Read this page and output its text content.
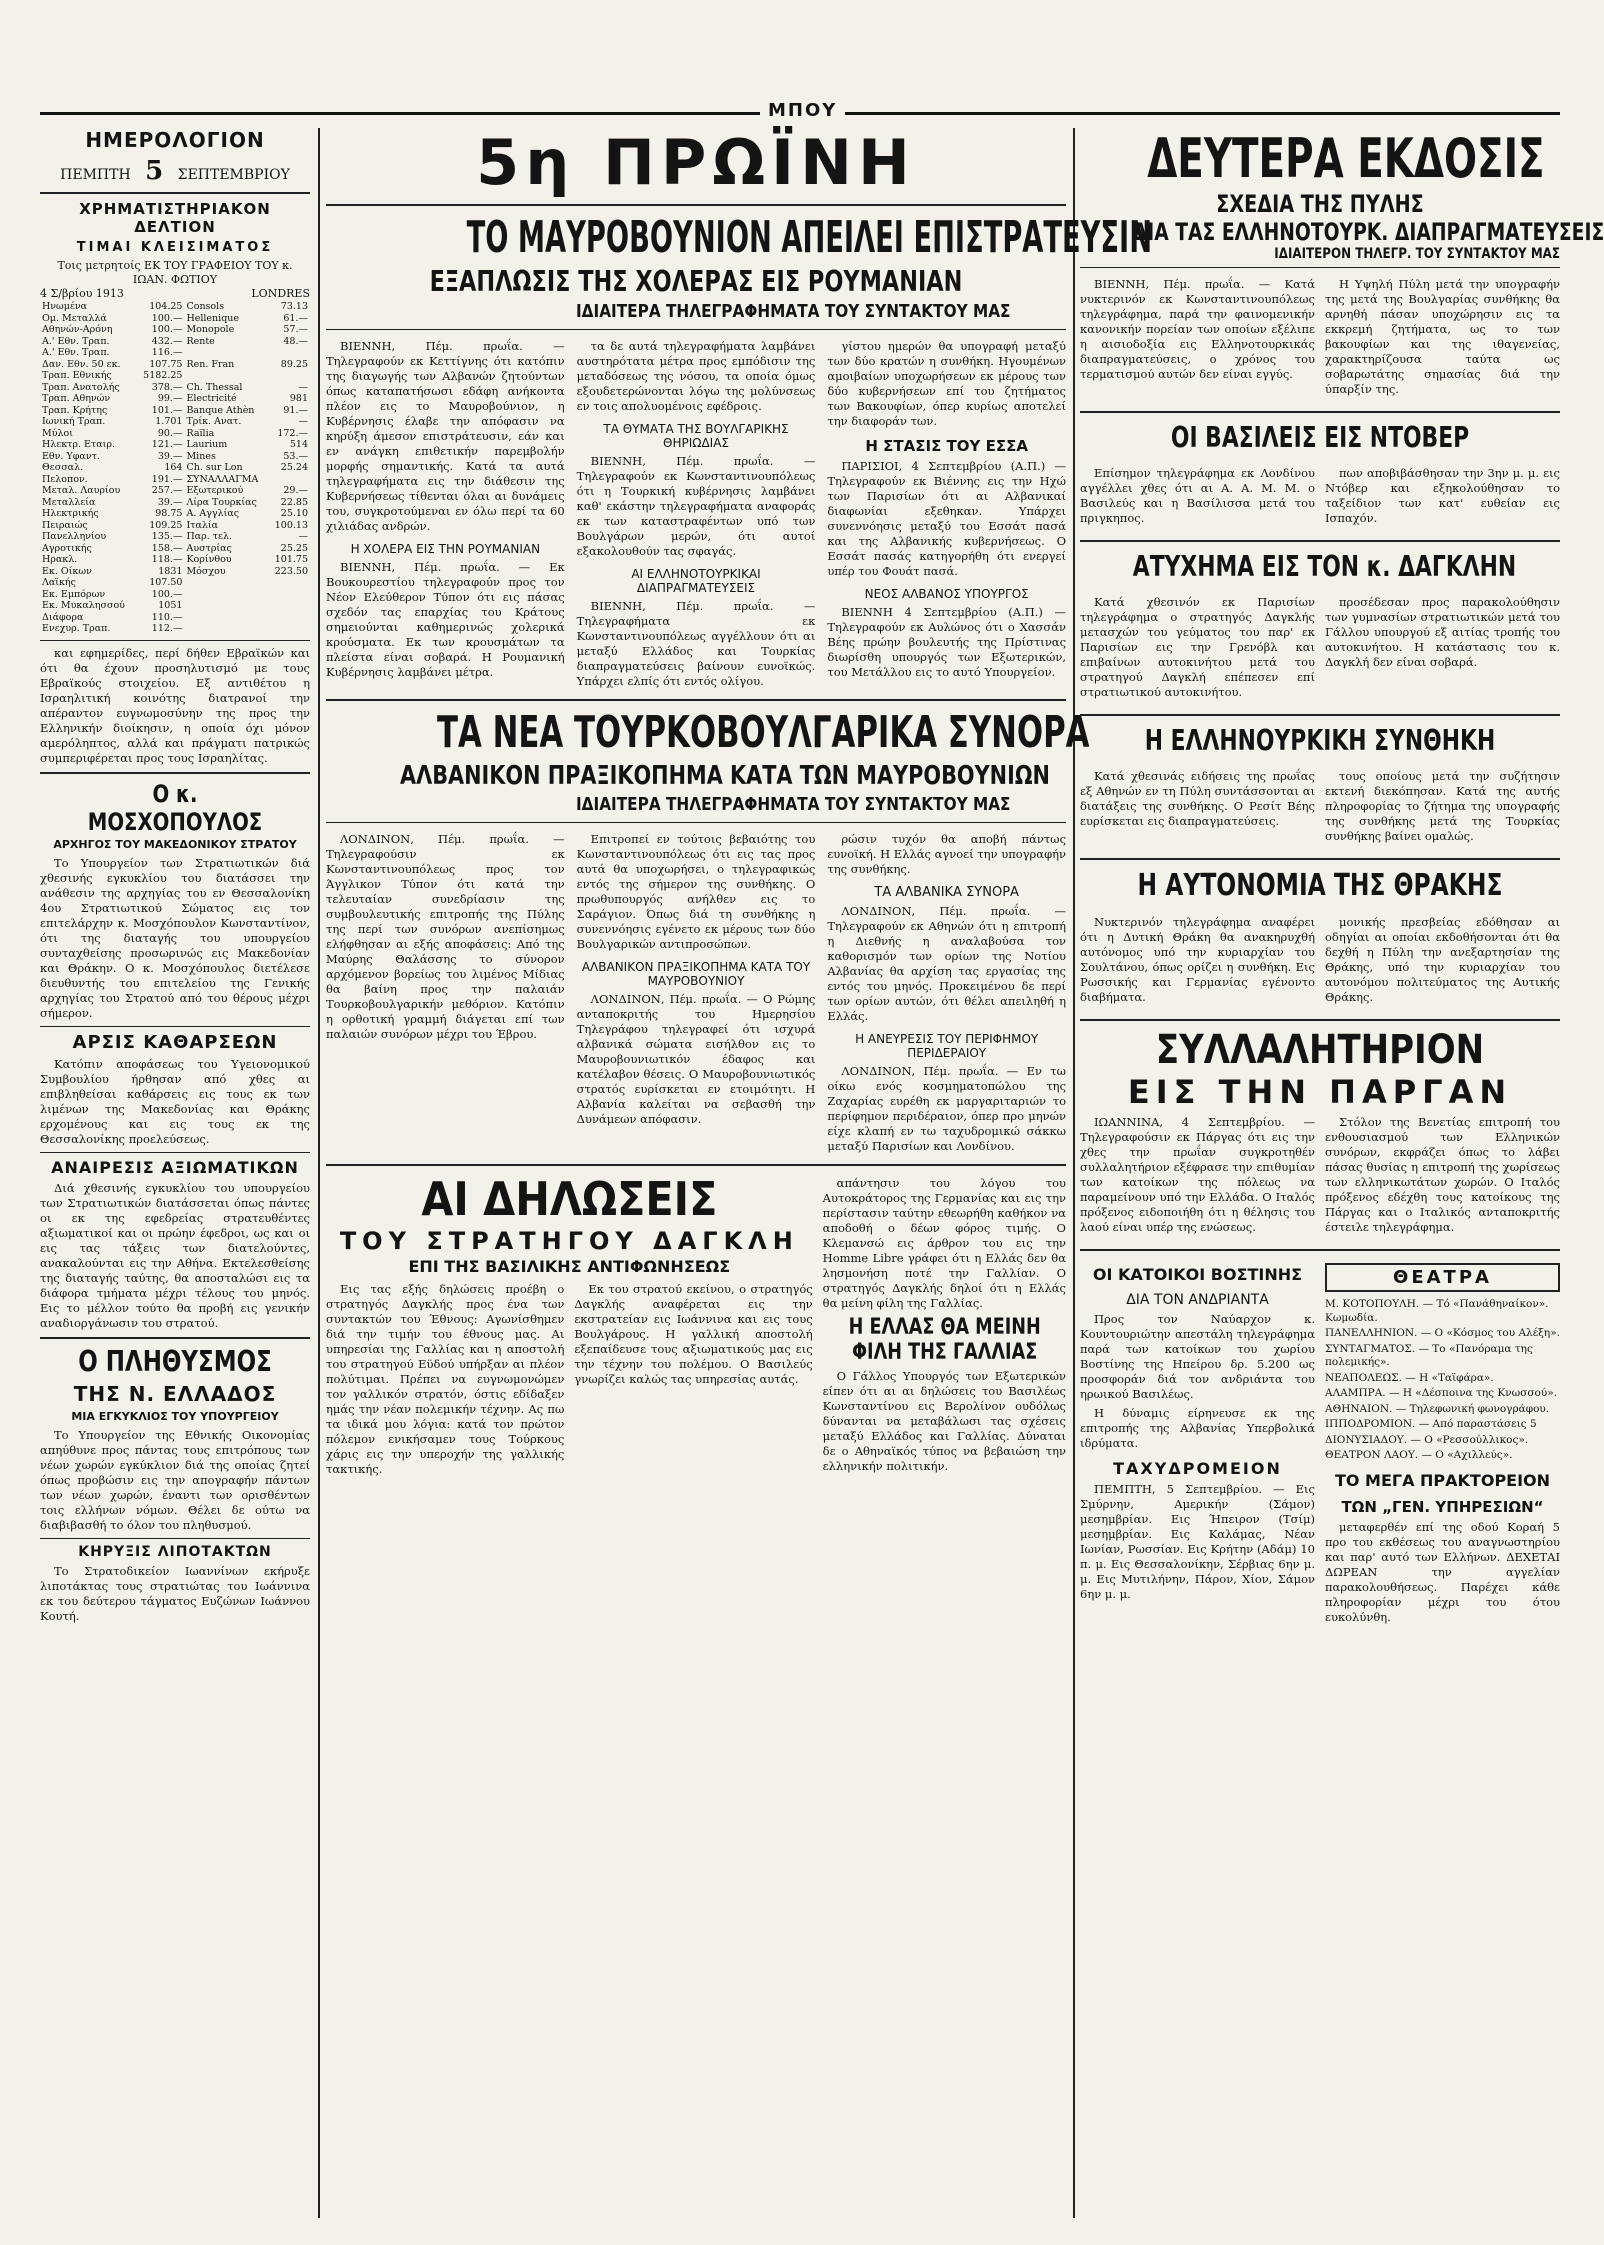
ΜΠΟΥ
ΗΜΕΡΟΛΟΓΙΟΝ
ΠΕΜΠΤΗ 5 ΣΕΠΤΕΜΒΡΙΟΥ
ΧΡΗΜΑΤΙΣΤΗΡΙΑΚΟΝ ΔΕΛΤΙΟΝ
ΤΙΜΑΙ ΚΛΕΙΣΙΜΑΤΟΣ
Τοις μετρητοίς ΕΚ ΤΟΥ ΓΡΑΦΕΙΟΥ ΤΟΥ κ. ΙΩΑΝ. ΦΩΤΙΟΥ
4 Σ/βρίου 1913	LONDRES
Ηνωμένα	104.25	Consols	73.13
Ομ. Μεταλλά	100.—	Hellenique	61.—
Αθηνών-Αρόνη	100.—	Monopole	57.—
Α.' Εθν. Τραπ.	432.—	Rente	48.—
Α.' Εθν. Τραπ.	116.—		
Δαν. Εθν. 50 εκ.	107.75	Ren. Fran	89.25
Τραπ. Εθνικής	5182.25		
Τραπ. Ανατολής	378.—	Ch. Thessal	—
Τραπ. Αθηνών	99.—	Electricité	981
Τραπ. Κρήτης	101.—	Banque Athèn	91.—
Ιωνική Τραπ.	1.701	Τρίκ. Ανατ.	—
Μύλοι	90.—	Raïlia	172.—
Ηλεκτρ. Εταιρ.	121.—	Laurium	514
Εθν. Υφαντ.	39.—	Mines	53.—
Θεσσαλ.	164	Ch. sur Lon	25.24
Πελοπον.	191.—	ΣΥΝΑΛΛΑΓΜΑ	
Μεταλ. Λαυρίου	257.—	Εξωτερικού	29.—
Μεταλλεία	39.—	Λίρα Τουρκίας	22.85
Ηλεκτρικής	98.75	Α. Αγγλίας	25.10
Πειραιώς	109.25	Ιταλία	100.13
Πανελληνίου	135.—	Παρ. τελ.	—
Αγροτικής	158.—	Αυστρίας	25.25
Ηρακλ.	118.—	Κορίνθου	101.75
Εκ. Οίκων	1831	Μόσχου	223.50
Λαϊκής	107.50		
Εκ. Εμπόρων	100.—		
Εκ. Μυκαλησσού	1051		
Διάφορα	110.—		
Ενεχυρ. Τραπ.	112.—		

και εφημερίδες, περί δήθεν Εβραϊκών και ότι θα έχουν προσηλυτισμό με τους Εβραϊκούς στοιχείου. Εξ αντιθέτου η Ισραηλιτική κοινότης διατρανοί την απέραντον ευγνωμοσύνην της προς την Ελληνικήν διοίκησιν, η οποία όχι μόνον αμερόληπτος, αλλά και πράγματι πατρικώς συμπεριφέρεται προς τους Ισραηλίτας.

Ο κ. ΜΟΣΧΟΠΟΥΛΟΣ
ΑΡΧΗΓΟΣ ΤΟΥ ΜΑΚΕΔΟΝΙΚΟΥ ΣΤΡΑΤΟΥ

Το Υπουργείον των Στρατιωτικών διά χθεσινής εγκυκλίου του διατάσσει την ανάθεσιν της αρχηγίας του εν Θεσσαλονίκη 4ου Στρατιωτικού Σώματος εις τον επιτελάρχην κ. Μοσχόπουλον Κωνσταντίνον, ότι της διαταγής του υπουργείου συνταχθείσης προσωρινώς εις Μακεδονίαν και Θράκην. Ο κ. Μοσχόπουλος διετέλεσε διευθυντής του επιτελείου της Γενικής αρχηγίας του Στρατού από του θέρους μέχρι σήμερον.

ΑΡΣΙΣ ΚΑΘΑΡΣΕΩΝ

Κατόπιν αποφάσεως του Υγειονομικού Συμβουλίου ήρθησαν από χθες αι επιβληθείσαι καθάρσεις εις τους εκ των λιμένων της Μακεδονίας και Θράκης ερχομένους και εις τους εκ της Θεσσαλονίκης προελεύσεως.

ΑΝΑΙΡΕΣΙΣ ΑΞΙΩΜΑΤΙΚΩΝ

Διά χθεσινής εγκυκλίου του υπουργείου των Στρατιωτικών διατάσσεται όπως πάντες οι εκ της εφεδρείας στρατευθέντες αξιωματικοί και οι πρώην έφεδροι, ως και οι εις τας τάξεις των διατελούντες, ανακαλούνται εις την Αθήνα. Εκτελεσθείσης της διαταγής ταύτης, θα αποσταλώσι εις τα διάφορα τμήματα μέχρι τέλους του μηνός. Εις το μέλλον τούτο θα προβή εις γενικήν αναδιοργάνωσιν του στρατού.

Ο ΠΛΗΘΥΣΜΟΣ
ΤΗΣ Ν. ΕΛΛΑΔΟΣ
ΜΙΑ ΕΓΚΥΚΛΙΟΣ ΤΟΥ ΥΠΟΥΡΓΕΙΟΥ

Το Υπουργείον της Εθνικής Οικονομίας απηύθυνε προς πάντας τους επιτρόπους των νέων χωρών εγκύκλιον διά της οποίας ζητεί όπως προβώσιν εις την απογραφήν πάντων των νέων χωρών, έναντι των ορισθέντων τοις ελλήνων νόμων. Θέλει δε ούτω να διαβιβασθή το όλον του πληθυσμού.

ΚΗΡΥΞΙΣ ΛΙΠΟΤΑΚΤΩΝ

Το Στρατοδικείον Ιωαννίνων εκήρυξε λιποτάκτας τους στρατιώτας του Ιωάννινα εκ του δεύτερου τάγματος Ευζώνων Ιωάννου Κουτή.

5η ΠΡΩΪΝΗ
ΤΟ ΜΑΥΡΟΒΟΥΝΙΟΝ ΑΠΕΙΛΕΙ ΕΠΙΣΤΡΑΤΕΥΣΙΝ
ΕΞΑΠΛΩΣΙΣ ΤΗΣ ΧΟΛΕΡΑΣ ΕΙΣ ΡΟΥΜΑΝΙΑΝ
ΙΔΙΑΙΤΕΡΑ ΤΗΛΕΓΡΑΦΗΜΑΤΑ ΤΟΥ ΣΥΝΤΑΚΤΟΥ ΜΑΣ

ΒΙΕΝΝΗ, Πέμ. πρωΐα. — Τηλεγραφούν εκ Κεττίγνης ότι κατόπιν της διαγωγής των Αλβανών ζητούντων όπως καταπατήσωσι εδάφη ανήκοντα πλέον εις το Μαυροβούνιον, η Κυβέρνησις έλαβε την απόφασιν να κηρύξη άμεσον επιστράτευσιν, εάν και εν ανάγκη επιθετικήν παρεμβολήν μορφής σημαντικής. Κατά τα αυτά τηλεγραφήματα εις την διάθεσιν της Κυβερνήσεως τίθενται όλαι αι δυνάμεις του, συγκροτούμεναι εν όλω περί τα 60 χιλιάδας ανδρών.

Η ΧΟΛΕΡΑ ΕΙΣ ΤΗΝ ΡΟΥΜΑΝΙΑΝ

ΒΙΕΝΝΗ, Πέμ. πρωΐα. — Εκ Βουκουρεστίου τηλεγραφούν προς τον Νέον Ελεύθερον Τύπον ότι εις πάσας σχεδόν τας επαρχίας του Κράτους σημειούνται καθημερινώς χολερικά κρούσματα. Εκ των κρουσμάτων τα πλείστα είναι σοβαρά. Η Ρουμανική Κυβέρνησις λαμβάνει μέτρα.

τα δε αυτά τηλεγραφήματα λαμβάνει αυστηρότατα μέτρα προς εμπόδισιν της μεταδόσεως της νόσου, τα οποία όμως εξουδετερώνονται λόγω της μολύνσεως εν τοις απολυομένοις εφέδροις.

ΤΑ ΘΥΜΑΤΑ ΤΗΣ ΒΟΥΛΓΑΡΙΚΗΣ ΘΗΡΙΩΔΙΑΣ

ΒΙΕΝΝΗ, Πέμ. πρωΐα. — Τηλεγραφούν εκ Κωνσταντινουπόλεως ότι η Τουρκική κυβέρνησις λαμβάνει καθ' εκάστην τηλεγραφήματα αναφοράς εκ των καταστραφέντων υπό των Βουλγάρων μερών, ότι αυτοί εξακολουθούν τας σφαγάς.

ΑΙ ΕΛΛΗΝΟΤΟΥΡΚΙΚΑΙ ΔΙΑΠΡΑΓΜΑΤΕΥΣΕΙΣ

ΒΙΕΝΝΗ, Πέμ. πρωΐα. — Τηλεγραφήματα εκ Κωνσταντινουπόλεως αγγέλλουν ότι αι μεταξύ Ελλάδος και Τουρκίας διαπραγματεύσεις βαίνουν ευνοϊκώς. Υπάρχει ελπίς ότι εντός ολίγου.

γίστου ημερών θα υπογραφή μεταξύ των δύο κρατών η συνθήκη. Ηγουμένων αμοιβαίων υποχωρήσεων εκ μέρους των δύο κυβερνήσεων επί του ζητήματος των Βακουφίων, όπερ κυρίως αποτελεί την διαφοράν των.

Η ΣΤΑΣΙΣ ΤΟΥ ΕΣΣΑ

ΠΑΡΙΣΙΟΙ, 4 Σεπτεμβρίου (Α.Π.) — Τηλεγραφούν εκ Βιέννης εις την Ηχώ των Παρισίων ότι αι Αλβανικαί διαφωνίαι εξεθηκαν. Υπάρχει συνεννόησις μεταξύ του Εσσάτ πασά και της Αλβανικής κυβερνήσεως. Ο Εσσάτ πασάς κατηγορήθη ότι ενεργεί υπέρ του Φουάτ πασά.

ΝΕΟΣ ΑΛΒΑΝΟΣ ΥΠΟΥΡΓΟΣ

ΒΙΕΝΝΗ 4 Σεπτεμβρίου (Α.Π.) — Τηλεγραφούν εκ Αυλώνος ότι ο Χασσάν Βέης πρώην βουλευτής της Πρίστινας διωρίσθη υπουργός των Εξωτερικών, του Μετάλλου εις το αυτό Υπουργείον.

ΤΑ ΝΕΑ ΤΟΥΡΚΟΒΟΥΛΓΑΡΙΚΑ ΣΥΝΟΡΑ
ΑΛΒΑΝΙΚΟΝ ΠΡΑΞΙΚΟΠΗΜΑ ΚΑΤΑ ΤΩΝ ΜΑΥΡΟΒΟΥΝΙΩΝ
ΙΔΙΑΙΤΕΡΑ ΤΗΛΕΓΡΑΦΗΜΑΤΑ ΤΟΥ ΣΥΝΤΑΚΤΟΥ ΜΑΣ

ΛΟΝΔΙΝΟΝ, Πέμ. πρωΐα. — Τηλεγραφούσιν εκ Κωνσταντινουπόλεως προς τον Άγγλικον Τύπον ότι κατά την τελευταίαν συνεδρίασιν της συμβουλευτικής επιτροπής της Πύλης της περί των συνόρων ανεπίσημως ελήφθησαν αι εξής αποφάσεις: Από της Μαύρης Θαλάσσης το σύνορον αρχόμενον βορείως του λιμένος Μίδιας θα βαίνη προς την παλαιάν Τουρκοβουλγαρικήν μεθόριον. Κατόπιν η ορθοτική γραμμή διάγεται επί των παλαιών συνόρων μέχρι του Έβρου.

Επιτροπεί εν τούτοις βεβαιότης του Κωνσταντινουπόλεως ότι εις τας προς αυτά θα υποχωρήσει, ο τηλεγραφικώς εντός της σήμερον της συνθήκης. Ο πρωθυπουργός ανήλθεν εις το Σαράγιον. Όπως διά τη συνθήκης η συνεννόησις εγένετο εκ μέρους των δύο Βουλγαρικών αντιπροσώπων.

ΑΛΒΑΝΙΚΟΝ ΠΡΑΞΙΚΟΠΗΜΑ ΚΑΤΑ ΤΟΥ ΜΑΥΡΟΒΟΥΝΙΟΥ

ΛΟΝΔΙΝΟΝ, Πέμ. πρωΐα. — Ο Ρώμης ανταποκριτής του Ημερησίου Τηλεγράφου τηλεγραφεί ότι ισχυρά αλβανικά σώματα εισήλθον εις το Μαυροβουνιωτικόν έδαφος και κατέλαβον θέσεις. Ο Μαυροβουνιωτικός στρατός ευρίσκεται εν ετοιμότητι. Η Αλβανία καλείται να σεβασθή την Δυνάμεων απόφασιν.

ρώσιν τυχόν θα αποβή πάντως ευνοϊκή. Η Ελλάς αγνοεί την υπογραφήν της συνθήκης.

ΤΑ ΑΛΒΑΝΙΚΑ ΣΥΝΟΡΑ

ΛΟΝΔΙΝΟΝ, Πέμ. πρωΐα. — Τηλεγραφούν εκ Αθηνών ότι η επιτροπή η Διεθνής η αναλαβούσα τον καθορισμόν των ορίων της Νοτίου Αλβανίας θα αρχίση τας εργασίας της εντός του μηνός. Προκειμένου δε περί των ορίων αυτών, ότι θέλει απειληθή η Ελλάς.

Η ΑΝΕΥΡΕΣΙΣ ΤΟΥ ΠΕΡΙΦΗΜΟΥ ΠΕΡΙΔΕΡΑΙΟΥ

ΛΟΝΔΙΝΟΝ, Πέμ. πρωΐα. — Εν τω οίκω ενός κοσμηματοπώλου της Ζαχαρίας ευρέθη εκ μαργαριταριών το περίφημον περιδέραιον, όπερ προ μηνών είχε κλαπή εν τω ταχυδρομικώ σάκκω μεταξύ Παρισίων και Λονδίνου.

ΑΙ ΔΗΛΩΣΕΙΣ
ΤΟΥ ΣΤΡΑΤΗΓΟΥ ΔΑΓΚΛΗ
ΕΠΙ ΤΗΣ ΒΑΣΙΛΙΚΗΣ ΑΝΤΙΦΩΝΗΣΕΩΣ

Εις τας εξής δηλώσεις προέβη ο στρατηγός Δαγκλής προς ένα των συντακτών του Έθνους: Αγωνίσθημεν διά την τιμήν του έθνους μας. Αι υπηρεσίαι της Γαλλίας και η αποστολή του στρατηγού Εϋδού υπήρξαν αι πλέον πολύτιμαι. Πρέπει να ευγνωμονώμεν τον γαλλικόν στρατόν, όστις εδίδαξεν ημάς την νέαν πολεμικήν τέχνην. Ας πω τα ιδικά μου λόγια: κατά τον πρώτον πόλεμον ενικήσαμεν τους Τούρκους χάρις εις την υπεροχήν της γαλλικής τακτικής.

Εκ του στρατού εκείνου, ο στρατηγός Δαγκλής αναφέρεται εις την εκστρατείαν εις Ιωάννινα και εις τους Βουλγάρους. Η γαλλική αποστολή εξεπαίδευσε τους αξιωματικούς μας εις την τέχνην του πολέμου. Ο Βασιλεύς γνωρίζει καλώς τας υπηρεσίας αυτάς.

απάντησιν του λόγου του Αυτοκράτορος της Γερμανίας και εις την περίστασιν ταύτην εθεωρήθη καθήκον να αποδοθή ο δέων φόρος τιμής. Ο Κλεμανσώ εις άρθρον του εις την Homme Libre γράφει ότι η Ελλάς δεν θα λησμονήση ποτέ την Γαλλίαν. Ο στρατηγός Δαγκλής δηλοί ότι η Ελλάς θα μείνη φίλη της Γαλλίας.

Η ΕΛΛΑΣ ΘΑ ΜΕΙΝΗ ΦΙΛΗ ΤΗΣ ΓΑΛΛΙΑΣ

Ο Γάλλος Υπουργός των Εξωτερικών είπεν ότι αι αι δηλώσεις του Βασιλέως Κωνσταντίνου εις Βερολίνον ουδόλως δύνανται να μεταβάλωσι τας σχέσεις μεταξύ Ελλάδος και Γαλλίας. Δύναται δε ο Αθηναϊκός τύπος να βεβαιώση την ελληνικήν πολιτικήν.

ΔΕΥΤΕΡΑ ΕΚΔΟΣΙΣ
ΣΧΕΔΙΑ ΤΗΣ ΠΥΛΗΣ
ΔΙΑ ΤΑΣ ΕΛΛΗΝΟΤΟΥΡΚ. ΔΙΑΠΡΑΓΜΑΤΕΥΣΕΙΣ
ΙΔΙΑΙΤΕΡΟΝ ΤΗΛΕΓΡ. ΤΟΥ ΣΥΝΤΑΚΤΟΥ ΜΑΣ

ΒΙΕΝΝΗ, Πέμ. πρωΐα. — Κατά νυκτερινόν εκ Κωνσταντινουπόλεως τηλεγράφημα, παρά την φαινομενικήν κανονικήν πορείαν των οποίων εξέλιπε η αισιοδοξία εις Ελληνοτουρκικάς διαπραγματεύσεις, ο χρόνος του τερματισμού αυτών δεν είναι εγγύς.

Η Υψηλή Πύλη μετά την υπογραφήν της μετά της Βουλγαρίας συνθήκης θα αρνηθή πάσαν υποχώρησιν εις τα εκκρεμή ζητήματα, ως το των βακουφίων και της ιθαγενείας, χαρακτηρίζουσα ταύτα ως σοβαρωτάτης σημασίας διά την ύπαρξίν της.

ΟΙ ΒΑΣΙΛΕΙΣ ΕΙΣ ΝΤΟΒΕΡ

Επίσημον τηλεγράφημα εκ Λονδίνου αγγέλλει χθες ότι αι Α. Α. Μ. Μ. ο Βασιλεύς και η Βασίλισσα μετά του πριγκηπος.

πων αποβιβάσθησαν την 3ην μ. μ. εις Ντόβερ και εξηκολούθησαν το ταξείδιον των κατ' ευθείαν εις Ισπαχόν.

ΑΤΥΧΗΜΑ ΕΙΣ ΤΟΝ κ. ΔΑΓΚΛΗΝ

Κατά χθεσινόν εκ Παρισίων τηλεγράφημα ο στρατηγός Δαγκλής μετασχών του γεύματος του παρ' εκ Παρισίων εις την Γρενόβλ και επιβαίνων αυτοκινήτου μετά του στρατηγού Δαγκλή επέπεσεν επί στρατιωτικού αυτοκινήτου.

προσέδεσαν προς παρακολούθησιν των γυμνασίων στρατιωτικών μετά του Γάλλου υπουργού εξ αιτίας τροπής του αυτοκινήτου. Η κατάστασις του κ. Δαγκλή δεν είναι σοβαρά.

Η ΕΛΛΗΝΟΥΡΚΙΚΗ ΣΥΝΘΗΚΗ

Κατά χθεσινάς ειδήσεις της πρωΐας εξ Αθηνών εν τη Πύλη συντάσσονται αι διατάξεις της συνθήκης. Ο Ρεσίτ Βέης ευρίσκεται εις διαπραγματεύσεις.

τους οποίους μετά την συζήτησιν εκτενή διεκόπησαν. Κατά της αυτής πληροφορίας το ζήτημα της υπογραφής της συνθήκης μετά της Τουρκίας συνθήκης βαίνει ομαλώς.

Η ΑΥΤΟΝΟΜΙΑ ΤΗΣ ΘΡΑΚΗΣ

Νυκτερινόν τηλεγράφημα αναφέρει ότι η Δυτική Θράκη θα ανακηρυχθή αυτόνομος υπό την κυριαρχίαν του Σουλτάνου, όπως ορίζει η συνθήκη. Εις Ρωσσικής και Γερμανίας εγένοντο διαβήματα.

μονικής πρεσβείας εδόθησαν αι οδηγίαι αι οποίαι εκδοθήσονται ότι θα δεχθή η Πύλη την ανεξαρτησίαν της Θράκης, υπό την κυριαρχίαν του αυτονόμου πολιτεύματος της Αυτικής Θράκης.

ΣΥΛΛΑΛΗΤΗΡΙΟΝ
ΕΙΣ ΤΗΝ ΠΑΡΓΑΝ

ΙΩΑΝΝΙΝΑ, 4 Σεπτεμβρίου. — Τηλεγραφούσιν εκ Πάργας ότι εις την χθες την πρωΐαν συγκροτηθέν συλλαλητήριον εξέφρασε την επιθυμίαν των κατοίκων της πόλεως να παραμείνουν υπό την Ελλάδα. Ο Ιταλός πρόξενος ειδοποιήθη ότι η θέλησις του λαού είναι υπέρ της ενώσεως.

Στόλον της Βενετίας επιτροπή του ενθουσιασμού των Ελληνικών συνόρων, εκφράζει όπως το λάβει πάσας θυσίας η επιτροπή της χωρίσεως των ελληνικωτάτων χωρών. Ο Ιταλός πρόξενος εδέχθη τους κατοίκους της Πάργας και ο Ιταλικός ανταποκριτής έστειλε τηλεγράφημα.

ΟΙ ΚΑΤΟΙΚΟΙ ΒΟΣΤΙΝΗΣ
ΔΙΑ ΤΟΝ ΑΝΔΡΙΑΝΤΑ

Προς τον Ναύαρχον κ. Κουντουριώτην απεστάλη τηλεγράφημα παρά των κατοίκων του χωρίου Βοστίνης της Ηπείρου δρ. 5.200 ως προσφοράν διά τον ανδριάντα του ηρωικού Βασιλέως.

Η δύναμις είρηνευσε εκ της επιτροπής της Αλβανίας Υπερβολικά ιδρύματα.

ΤΑΧΥΔΡΟΜΕΙΟΝ

ΠΕΜΠΤΗ, 5 Σεπτεμβρίου. — Εις Σμύρνην, Αμερικήν (Σάμον) μεσημβρίαν. Εις Ήπειρον (Τσίμ) μεσημβρίαν. Εις Καλάμας, Νέαν Ιωνίαν, Ρωσσίαν. Εις Κρήτην (Αδάμ) 10 π. μ. Εις Θεσσαλονίκην, Σέρβιας 6ην μ. μ. Εις Μυτιλήνην, Πάρον, Χίον, Σάμον 6ην μ. μ.

ΘΕΑΤΡΑ

Μ. ΚΟΤΟΠΟΥΛΗ. — Τό «Πανάθηναίκον». Κωμωδία.

ΠΑΝΕΛΛΗΝΙΟΝ. — Ο «Κόσμος του Αλέξη».

ΣΥΝΤΑΓΜΑΤΟΣ. — Το «Πανόραμα της πολεμικής».

ΝΕΑΠΟΛΕΩΣ. — Η «Ταϊφάρα».

ΑΛΑΜΠΡΑ. — Η «Δέσποινα της Κνωσσού».

ΑΘΗΝΑΙΟΝ. — Τηλεφωνική φωνογράφου.

ΙΠΠΟΔΡΟΜΙΟΝ. — Από παραστάσεις 5

ΔΙΟΝΥΣΙΑΔΟΥ. — Ο «Ρεσσούλλικος».

ΘΕΑΤΡΟΝ ΛΑΟΥ. — Ο «Αχιλλεύς».

ΤΟ ΜΕΓΑ ΠΡΑΚΤΟΡΕΙΟΝ
ΤΩΝ „ΓΕΝ. ΥΠΗΡΕΣΙΩΝ“

μεταφερθέν επί της οδού Κοραή 5 προ του εκθέσεως του αναγνωστηρίου και παρ' αυτό των Ελλήνων. ΔΕΧΕΤΑΙ ΔΩΡΕΑΝ την αγγελίαν παρακολουθήσεως. Παρέχει κάθε πληροφορίαν μέχρι του ότου ευκολύνθη.
